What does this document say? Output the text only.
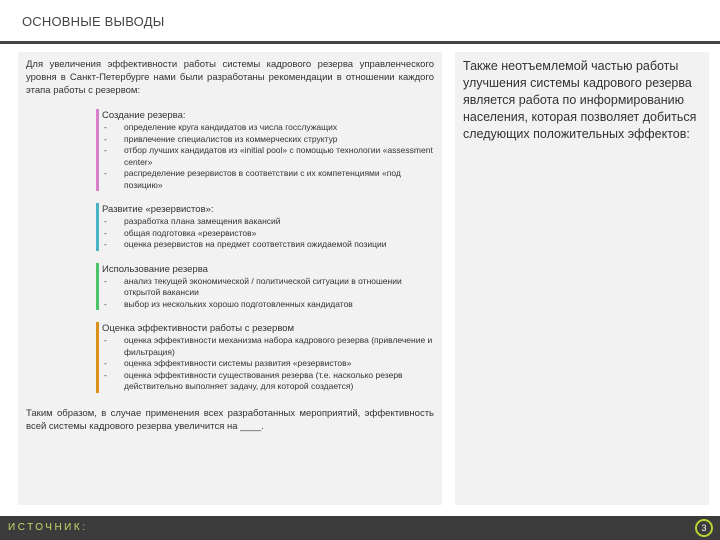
ОСНОВНЫЕ ВЫВОДЫ

Для увеличения эффективности работы системы кадрового резерва управленческого уровня в Санкт-Петербурге нами были разработаны рекомендации в отношении каждого этапа работы с резервом:

Создание резерва:
-	определение круга кандидатов из числа госслужащих
-	привлечение специалистов из коммерческих структур
-	отбор лучших кандидатов из «initial pool» с помощью технологии «assessment center»
-	распределение резервистов в соответствии с их компетенциями «под позицию»
Развитие «резервистов»:
-	разработка плана замещения вакансий
-	общая подготовка «резервистов»
-	оценка резервистов на предмет соответствия ожидаемой позиции
Использование резерва
-	анализ текущей экономической / политической ситуации в отношении открытой вакансии
-	выбор из нескольких хорошо подготовленных кандидатов
Оценка эффективности работы с резервом
-	оценка эффективности механизма набора кадрового резерва (привлечение и фильтрация)
-	оценка эффективности системы развития «резервистов»
-	оценка эффективности существования резерва (т.е. насколько резерв действительно выполняет задачу, для которой создается)

Таким образом, в случае применения всех разработанных мероприятий, эффективность всей системы кадрового резерва увеличится на ____.

Также неотъемлемой частью работы улучшения системы кадрового резерва является работа по информированию населения, которая позволяет добиться следующих положительных эффектов:

ИСТОЧНИК:	3
